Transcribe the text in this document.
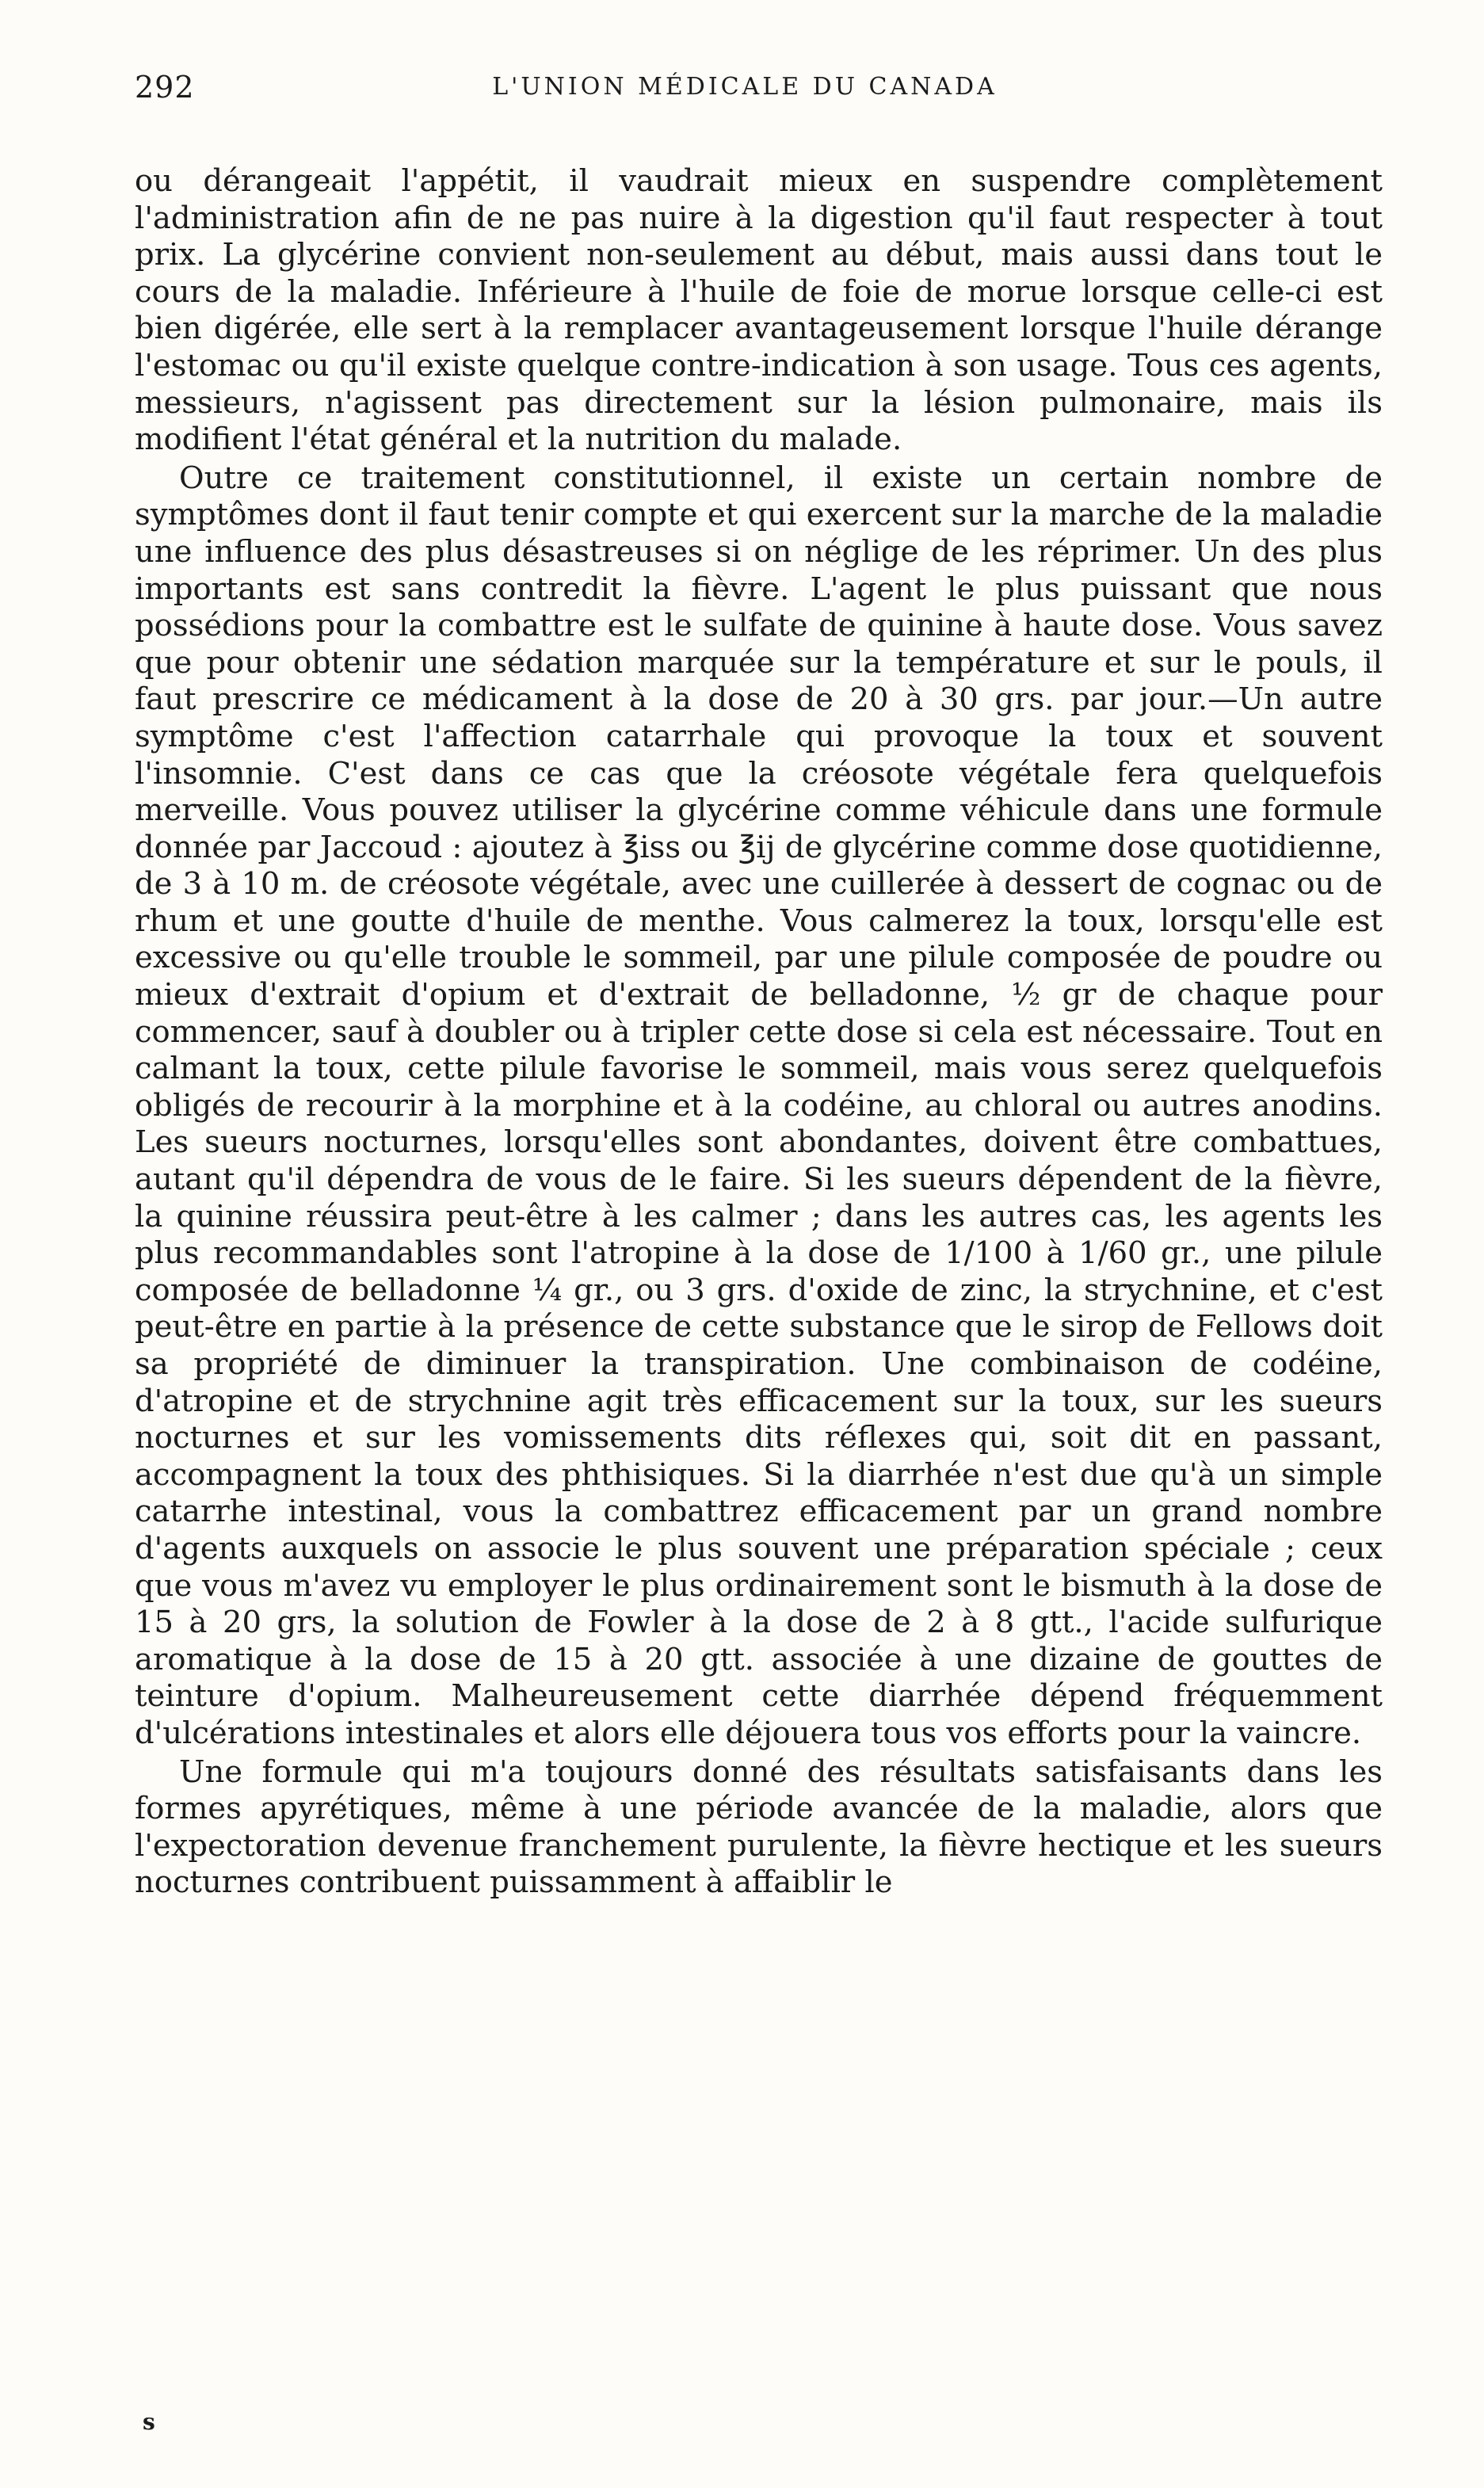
292	L'UNION MÉDICALE DU CANADA

ou dérangeait l'appétit, il vaudrait mieux en suspendre complètement l'administration afin de ne pas nuire à la digestion qu'il faut respecter à tout prix. La glycérine convient non-seulement au début, mais aussi dans tout le cours de la maladie. Inférieure à l'huile de foie de morue lorsque celle-ci est bien digérée, elle sert à la remplacer avantageusement lorsque l'huile dérange l'estomac ou qu'il existe quelque contre-indication à son usage. Tous ces agents, messieurs, n'agissent pas directement sur la lésion pulmonaire, mais ils modifient l'état général et la nutrition du malade.

Outre ce traitement constitutionnel, il existe un certain nombre de symptômes dont il faut tenir compte et qui exercent sur la marche de la maladie une influence des plus désastreuses si on néglige de les réprimer. Un des plus importants est sans contredit la fièvre. L'agent le plus puissant que nous possédions pour la combattre est le sulfate de quinine à haute dose. Vous savez que pour obtenir une sédation marquée sur la température et sur le pouls, il faut prescrire ce médicament à la dose de 20 à 30 grs. par jour.—Un autre symptôme c'est l'affection catarrhale qui provoque la toux et souvent l'insomnie. C'est dans ce cas que la créosote végétale fera quelquefois merveille. Vous pouvez utiliser la glycérine comme véhicule dans une formule donnée par Jaccoud : ajoutez à ℥iss ou ℥ij de glycérine comme dose quotidienne, de 3 à 10 m. de créosote végétale, avec une cuillerée à dessert de cognac ou de rhum et une goutte d'huile de menthe. Vous calmerez la toux, lorsqu'elle est excessive ou qu'elle trouble le sommeil, par une pilule composée de poudre ou mieux d'extrait d'opium et d'extrait de belladonne, ½ gr de chaque pour commencer, sauf à doubler ou à tripler cette dose si cela est nécessaire. Tout en calmant la toux, cette pilule favorise le sommeil, mais vous serez quelquefois obligés de recourir à la morphine et à la codéine, au chloral ou autres anodins. Les sueurs nocturnes, lorsqu'elles sont abondantes, doivent être combattues, autant qu'il dépendra de vous de le faire. Si les sueurs dépendent de la fièvre, la quinine réussira peut-être à les calmer ; dans les autres cas, les agents les plus recommandables sont l'atropine à la dose de 1/100 à 1/60 gr., une pilule composée de belladonne ¼ gr., ou 3 grs. d'oxide de zinc, la strychnine, et c'est peut-être en partie à la présence de cette substance que le sirop de Fellows doit sa propriété de diminuer la transpiration. Une combinaison de codéine, d'atropine et de strychnine agit très efficacement sur la toux, sur les sueurs nocturnes et sur les vomissements dits réflexes qui, soit dit en passant, accompagnent la toux des phthisiques. Si la diarrhée n'est due qu'à un simple catarrhe intestinal, vous la combattrez efficacement par un grand nombre d'agents auxquels on associe le plus souvent une préparation spéciale ; ceux que vous m'avez vu employer le plus ordinairement sont le bismuth à la dose de 15 à 20 grs, la solution de Fowler à la dose de 2 à 8 gtt., l'acide sulfurique aromatique à la dose de 15 à 20 gtt. associée à une dizaine de gouttes de teinture d'opium. Malheureusement cette diarrhée dépend fréquemment d'ulcérations intestinales et alors elle déjouera tous vos efforts pour la vaincre.

Une formule qui m'a toujours donné des résultats satisfaisants dans les formes apyrétiques, même à une période avancée de la maladie, alors que l'expectoration devenue franchement purulente, la fièvre hectique et les sueurs nocturnes contribuent puissamment à affaiblir le

s
